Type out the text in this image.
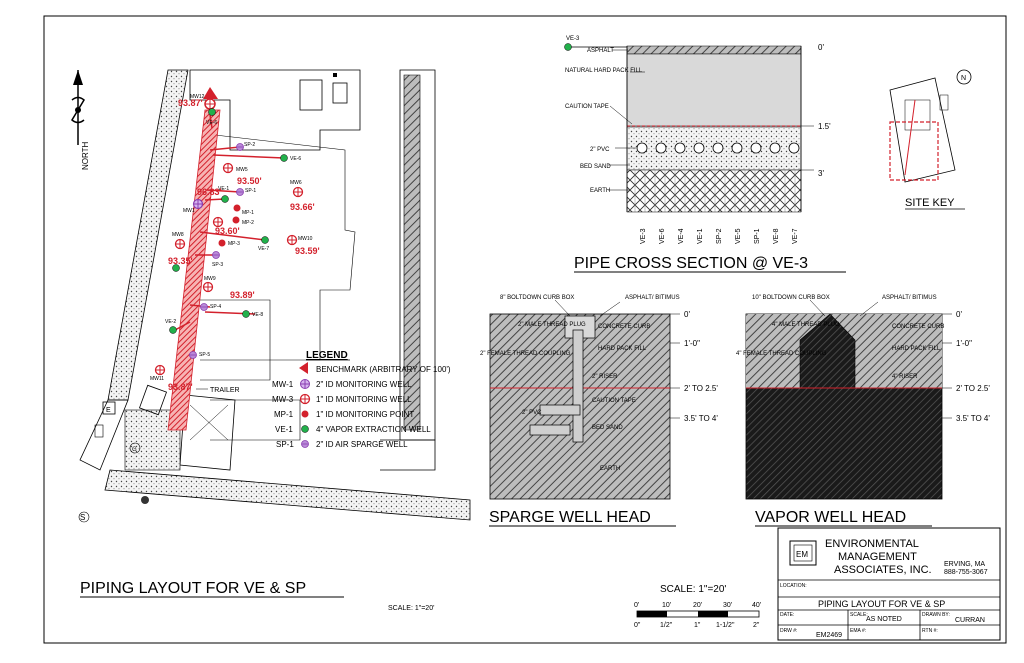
NORTH
S
TRAILER
E
G
MW12
VE-6
SP-2
VE-6
MW5
SP-1
VE-1
MW6
MW1	MP-1
MP-2
VE-7
MP-3
MW8
MW10
SP-3
MW9
SP-4
VE-8
VE-2
SP-5
MW11
93.87'
93.50'
96.83'
93.66'
93.60'
93.59'
93.35'
93.89'
93.87'
LEGEND
BENCHMARK (ARBITRARY OF 100')
MW-1	2" ID MONITORING WELL
MW-3	1" ID MONITORING WELL
MP-1	1" ID MONITORING POINT
VE-1	4" VAPOR EXTRACTION WELL
SP-1	2" ID AIR SPARGE WELL
PIPING LAYOUT FOR VE & SP
SCALE: 1"=20'
VE-3
ASPHALT
NATURAL HARD PACK FILL
CAUTION TAPE
2" PVC
BED SAND
EARTH
0'
1.5'
3'
VE-3 VE-6 VE-4 VE-1 SP-2 VE-5 SP-1 VE-8 VE-7
PIPE CROSS SECTION @ VE-3
N
SITE KEY
8" BOLTDOWN CURB BOX	ASPHALT/ BITIMUS
2" MALE THREAD PLUG CONCRETE CURB
2" FEMALE THREAD COUPLING
HARD PACK FILL
2" RISER
CAUTION TAPE
2" PVC
BED SAND
EARTH
0'
1'-0"
2' TO 2.5'
3.5' TO 4'
SPARGE WELL HEAD
10" BOLTDOWN CURB BOX	ASPHALT/ BITIMUS
4" MALE THREAD PLUG	CONCRETE CURB
4" FEMALE THREAD COUPLING
HARD PACK FILL
4" RISER
0'
1'-0"
2' TO 2.5'
3.5' TO 4'
VAPOR WELL HEAD
SCALE: 1"=20'
0'	10'	20'	30'	40'
0"	1/2"	1" 1-1/2"	2"
EM
ENVIRONMENTAL
MANAGEMENT
ASSOCIATES, INC. ERVING, MA
888-755-3067
LOCATION:
PIPING LAYOUT FOR VE & SP
DATE:	SCALE:
AS NOTED
DRAWN BY:
CURRAN
DRW #:
EM2469
EMA #:	RTN #:
